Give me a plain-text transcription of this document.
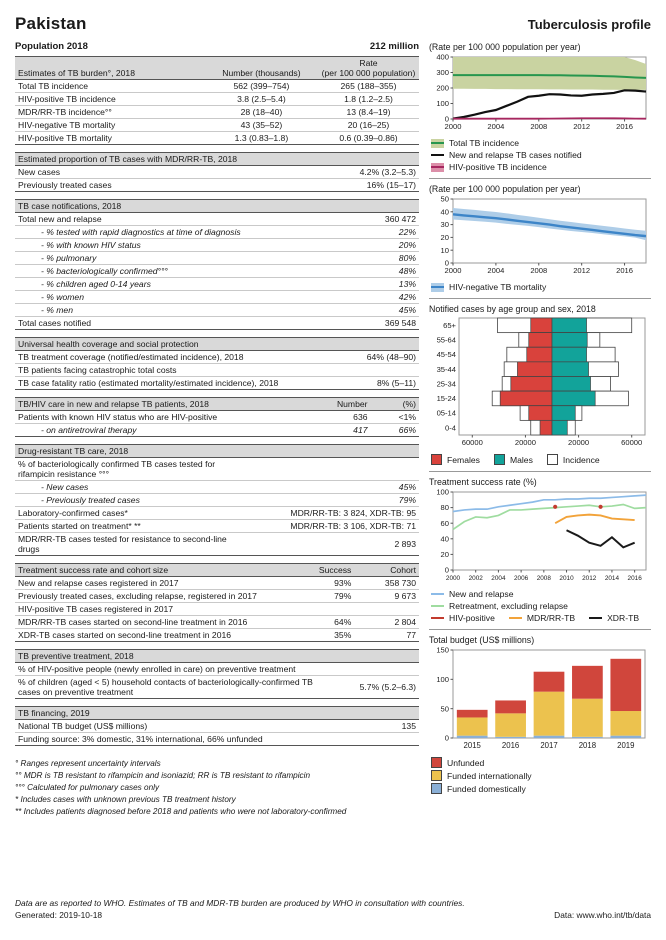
Pakistan
Population 2018	212 million
Estimates of TB burden°, 2018	Number (thousands)	Rate
(per 100 000 population)
Total TB incidence	562 (399–754)	265 (188–355)
HIV-positive TB incidence	3.8 (2.5–5.4)	1.8 (1.2–2.5)
MDR/RR-TB incidence°°	28 (18–40)	13 (8.4–19)
HIV-negative TB mortality	43 (35–52)	20 (16–25)
HIV-positive TB mortality	1.3 (0.83–1.8)	0.6 (0.39–0.86)
Estimated proportion of TB cases with MDR/RR-TB, 2018	
New cases	4.2% (3.2–5.3)
Previously treated cases	16% (15–17)
TB case notifications, 2018	
Total new and relapse	360 472
- % tested with rapid diagnostics at time of diagnosis	22%
- % with known HIV status	20%
- % pulmonary	80%
- % bacteriologically confirmed°°°	48%
- % children aged 0-14 years	13%
- % women	42%
- % men	45%
Total cases notified	369 548
Universal health coverage and social protection	
TB treatment coverage (notified/estimated incidence), 2018	64% (48–90)
TB patients facing catastrophic total costs	
TB case fatality ratio (estimated mortality/estimated incidence), 2018	8% (5–11)
TB/HIV care in new and relapse TB patients, 2018	Number	(%)
Patients with known HIV status who are HIV-positive	636	<1%
- on antiretroviral therapy	417	66%
Drug-resistant TB care, 2018	
% of bacteriologically confirmed TB cases tested for rifampicin resistance °°°	
- New cases	45%
- Previously treated cases	79%
Laboratory-confirmed cases*	MDR/RR-TB: 3 824, XDR-TB: 95
Patients started on treatment* **	MDR/RR-TB: 3 106, XDR-TB: 71
MDR/RR-TB cases tested for resistance to second-line drugs	2 893
Treatment success rate and cohort size	Success	Cohort
New and relapse cases registered in 2017	93%	358 730
Previously treated cases, excluding relapse, registered in 2017	79%	9 673
HIV-positive TB cases registered in 2017		
MDR/RR-TB cases started on second-line treatment in 2016	64%	2 804
XDR-TB cases started on second-line treatment in 2016	35%	77
TB preventive treatment, 2018	
% of HIV-positive people (newly enrolled in care) on preventive treatment	
% of children (aged < 5) household contacts of bacteriologically-confirmed TB cases on preventive treatment	5.7% (5.2–6.3)
TB financing, 2019	
National TB budget (US$ millions)	135
Funding source: 3% domestic, 31% international, 66% unfunded	
° Ranges represent uncertainty intervals
°° MDR is TB resistant to rifampicin and isoniazid; RR is TB resistant to rifampicin
°°° Calculated for pulmonary cases only
* Includes cases with unknown previous TB treatment history
** Includes patients diagnosed before 2018 and patients who were not laboratory-confirmed
Tuberculosis profile
(Rate per 100 000 population per year)
0
100
200
300
400
2000	2004	2008	2012	2016
Total TB incidence
New and relapse TB cases notified
HIV-positive TB incidence
(Rate per 100 000 population per year)
0
10
20
30
40
50
2000	2004	2008	2012	2016
HIV-negative TB mortality
Notified cases by age group and sex, 2018
65+
55-64
45-54
35-44
25-34
15-24
05-14
0-4
60000	20000	20000	60000
Females	Males	Incidence
Treatment success rate (%)
0
20
40
60
80
100
2000 2002 2004 2006 2008 2010 2012 2014 2016
New and relapse
Retreatment, excluding relapse
HIV-positive	MDR/RR-TB	XDR-TB
Total budget (US$ millions)
2015	2016	2017	2018	2019
0
50
100
150
Unfunded
Funded internationally
Funded domestically
Data are as reported to WHO. Estimates of TB and MDR-TB burden are produced by WHO in consultation with countries.
Generated: 2019-10-18	Data: www.who.int/tb/data
